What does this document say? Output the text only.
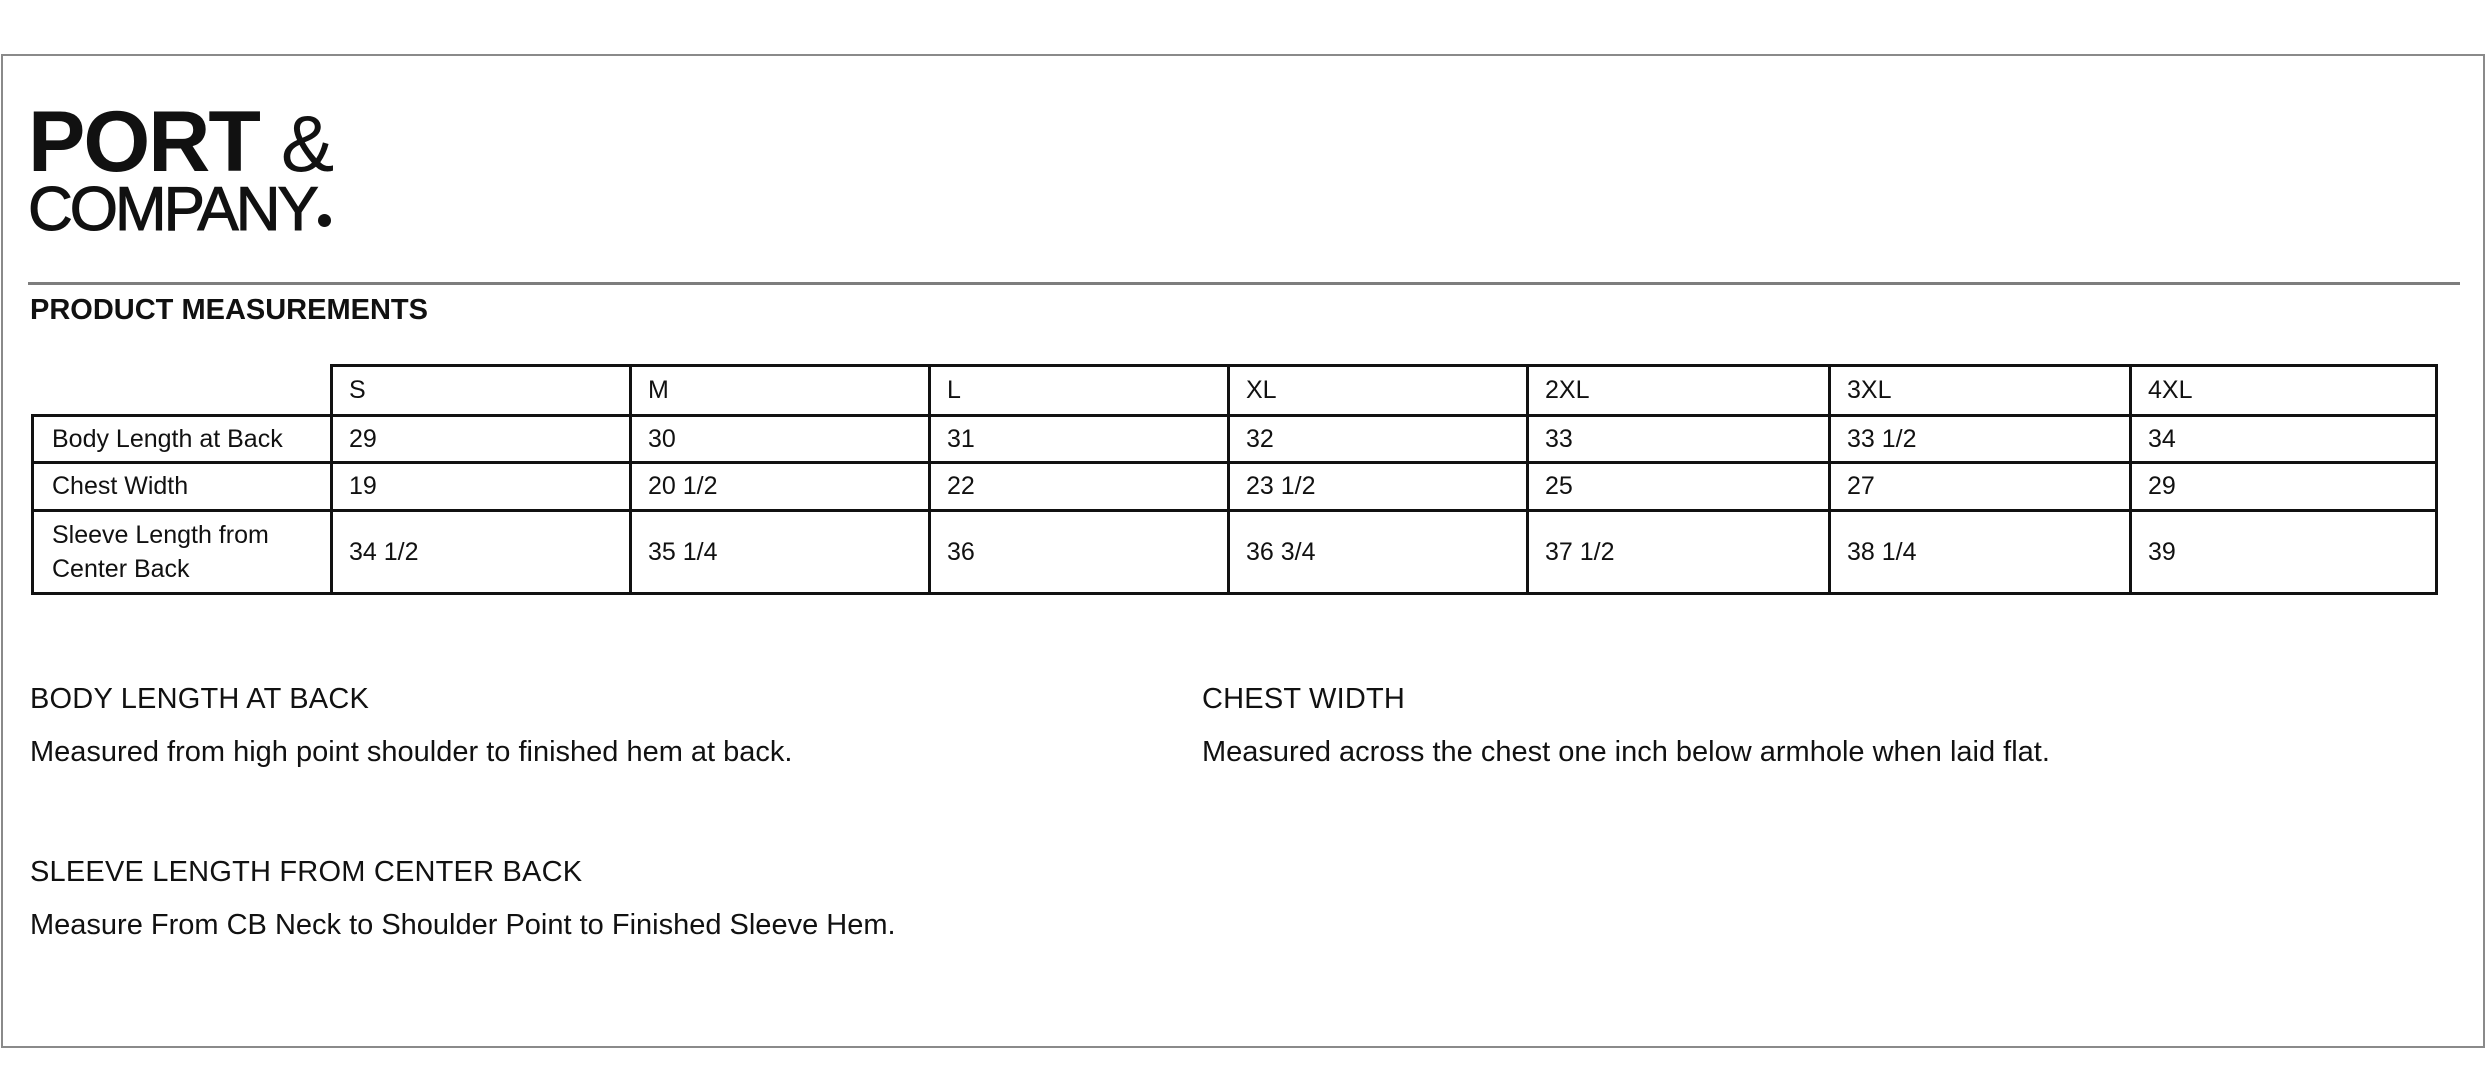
PORT &
COMPANY
PRODUCT MEASUREMENTS
	S	M	L	XL	2XL	3XL	4XL
Body Length at Back	29	30	31	32	33	33 1/2	34
Chest Width	19	20 1/2	22	23 1/2	25	27	29
Sleeve Length from Center Back	34 1/2	35 1/4	36	36 3/4	37 1/2	38 1/4	39
BODY LENGTH AT BACK
Measured from high point shoulder to finished hem at back.
CHEST WIDTH
Measured across the chest one inch below armhole when laid flat.
SLEEVE LENGTH FROM CENTER BACK
Measure From CB Neck to Shoulder Point to Finished Sleeve Hem.
